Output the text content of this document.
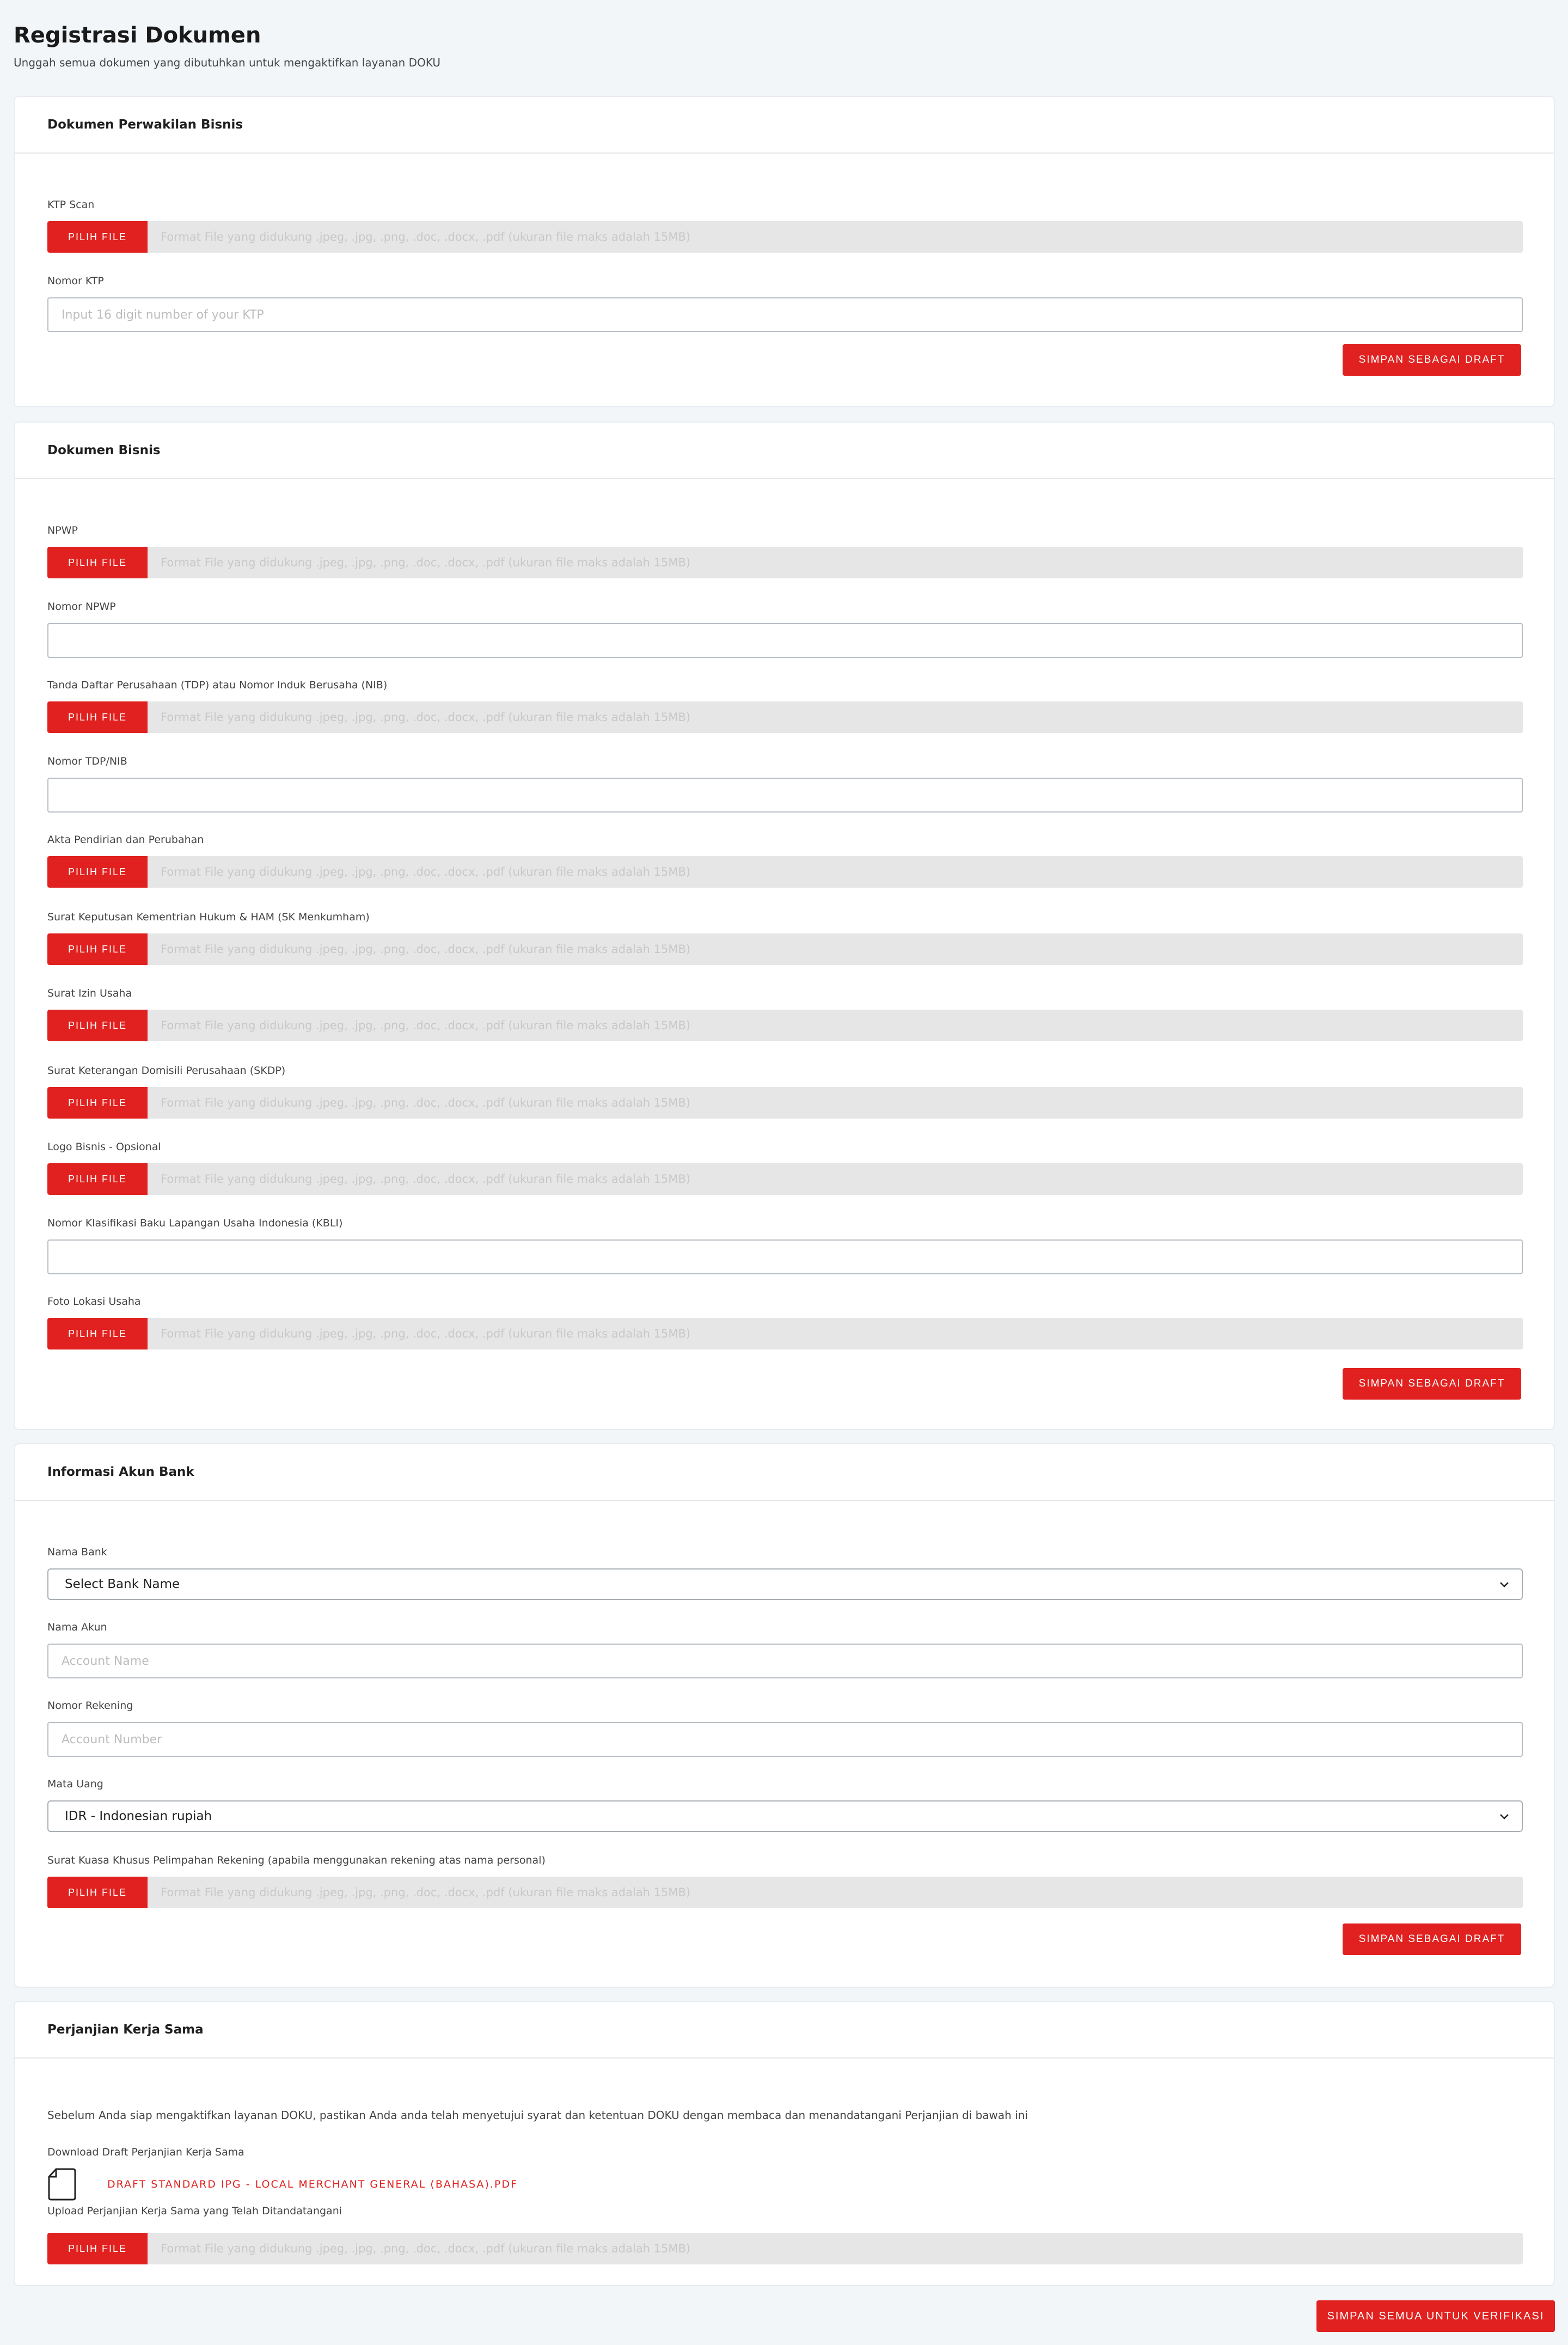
Registrasi Dokumen
Unggah semua dokumen yang dibutuhkan untuk mengaktifkan layanan DOKU
Dokumen Perwakilan Bisnis
KTP Scan
PILIH FILE	Format File yang didukung .jpeg, .jpg, .png, .doc, .docx, .pdf (ukuran file maks adalah 15MB)
Nomor KTP
Input 16 digit number of your KTP
SIMPAN SEBAGAI DRAFT
Dokumen Bisnis
NPWP
PILIH FILE	Format File yang didukung .jpeg, .jpg, .png, .doc, .docx, .pdf (ukuran file maks adalah 15MB)
Nomor NPWP
Tanda Daftar Perusahaan (TDP) atau Nomor Induk Berusaha (NIB)
PILIH FILE	Format File yang didukung .jpeg, .jpg, .png, .doc, .docx, .pdf (ukuran file maks adalah 15MB)
Nomor TDP/NIB
Akta Pendirian dan Perubahan
PILIH FILE	Format File yang didukung .jpeg, .jpg, .png, .doc, .docx, .pdf (ukuran file maks adalah 15MB)
Surat Keputusan Kementrian Hukum & HAM (SK Menkumham)
PILIH FILE	Format File yang didukung .jpeg, .jpg, .png, .doc, .docx, .pdf (ukuran file maks adalah 15MB)
Surat Izin Usaha
PILIH FILE	Format File yang didukung .jpeg, .jpg, .png, .doc, .docx, .pdf (ukuran file maks adalah 15MB)
Surat Keterangan Domisili Perusahaan (SKDP)
PILIH FILE	Format File yang didukung .jpeg, .jpg, .png, .doc, .docx, .pdf (ukuran file maks adalah 15MB)
Logo Bisnis - Opsional
PILIH FILE	Format File yang didukung .jpeg, .jpg, .png, .doc, .docx, .pdf (ukuran file maks adalah 15MB)
Nomor Klasifikasi Baku Lapangan Usaha Indonesia (KBLI)
Foto Lokasi Usaha
PILIH FILE	Format File yang didukung .jpeg, .jpg, .png, .doc, .docx, .pdf (ukuran file maks adalah 15MB)
SIMPAN SEBAGAI DRAFT
Informasi Akun Bank
Nama Bank
Select Bank Name
Nama Akun
Account Name
Nomor Rekening
Account Number
Mata Uang
IDR - Indonesian rupiah
Surat Kuasa Khusus Pelimpahan Rekening (apabila menggunakan rekening atas nama personal)
PILIH FILE	Format File yang didukung .jpeg, .jpg, .png, .doc, .docx, .pdf (ukuran file maks adalah 15MB)
SIMPAN SEBAGAI DRAFT
Perjanjian Kerja Sama
Sebelum Anda siap mengaktifkan layanan DOKU, pastikan Anda anda telah menyetujui syarat dan ketentuan DOKU dengan membaca dan menandatangani Perjanjian di bawah ini
Download Draft Perjanjian Kerja Sama
DRAFT STANDARD IPG - LOCAL MERCHANT GENERAL (BAHASA).PDF
Upload Perjanjian Kerja Sama yang Telah Ditandatangani
PILIH FILE	Format File yang didukung .jpeg, .jpg, .png, .doc, .docx, .pdf (ukuran file maks adalah 15MB)
SIMPAN SEMUA UNTUK VERIFIKASI
